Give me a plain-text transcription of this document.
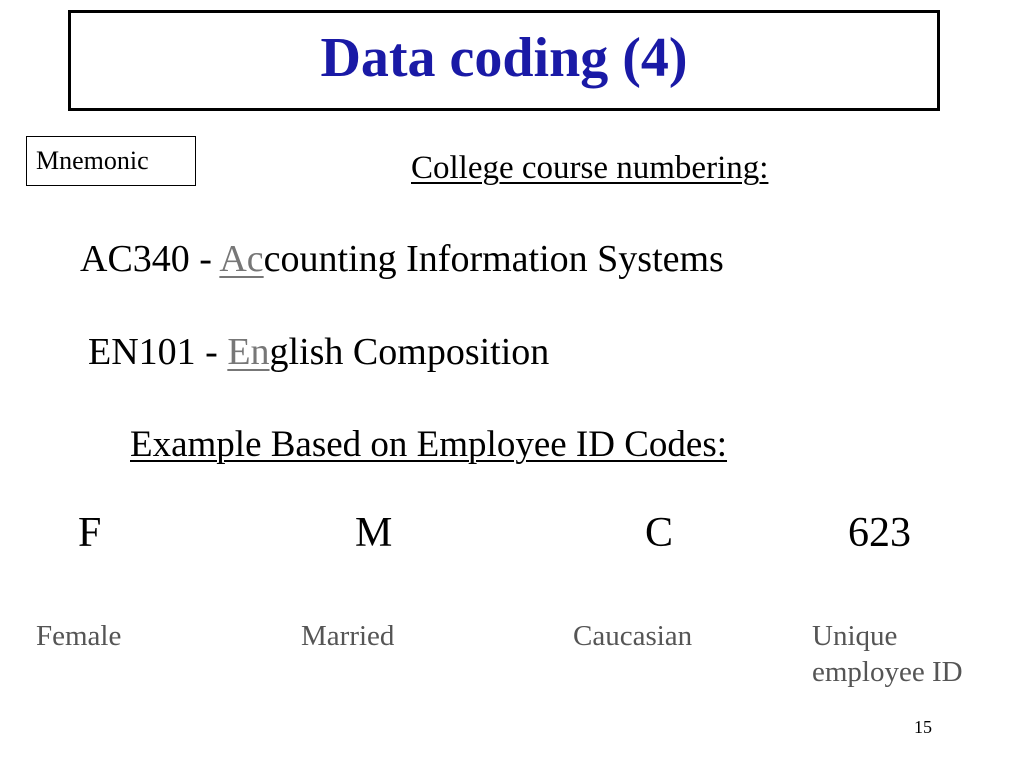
Data coding (4)
Mnemonic	College course numbering:
AC340 - Accounting Information Systems
EN101 - English Composition
Example Based on Employee ID Codes:
F	M	C	623
Female	Married	Caucasian	Unique employee ID
15
